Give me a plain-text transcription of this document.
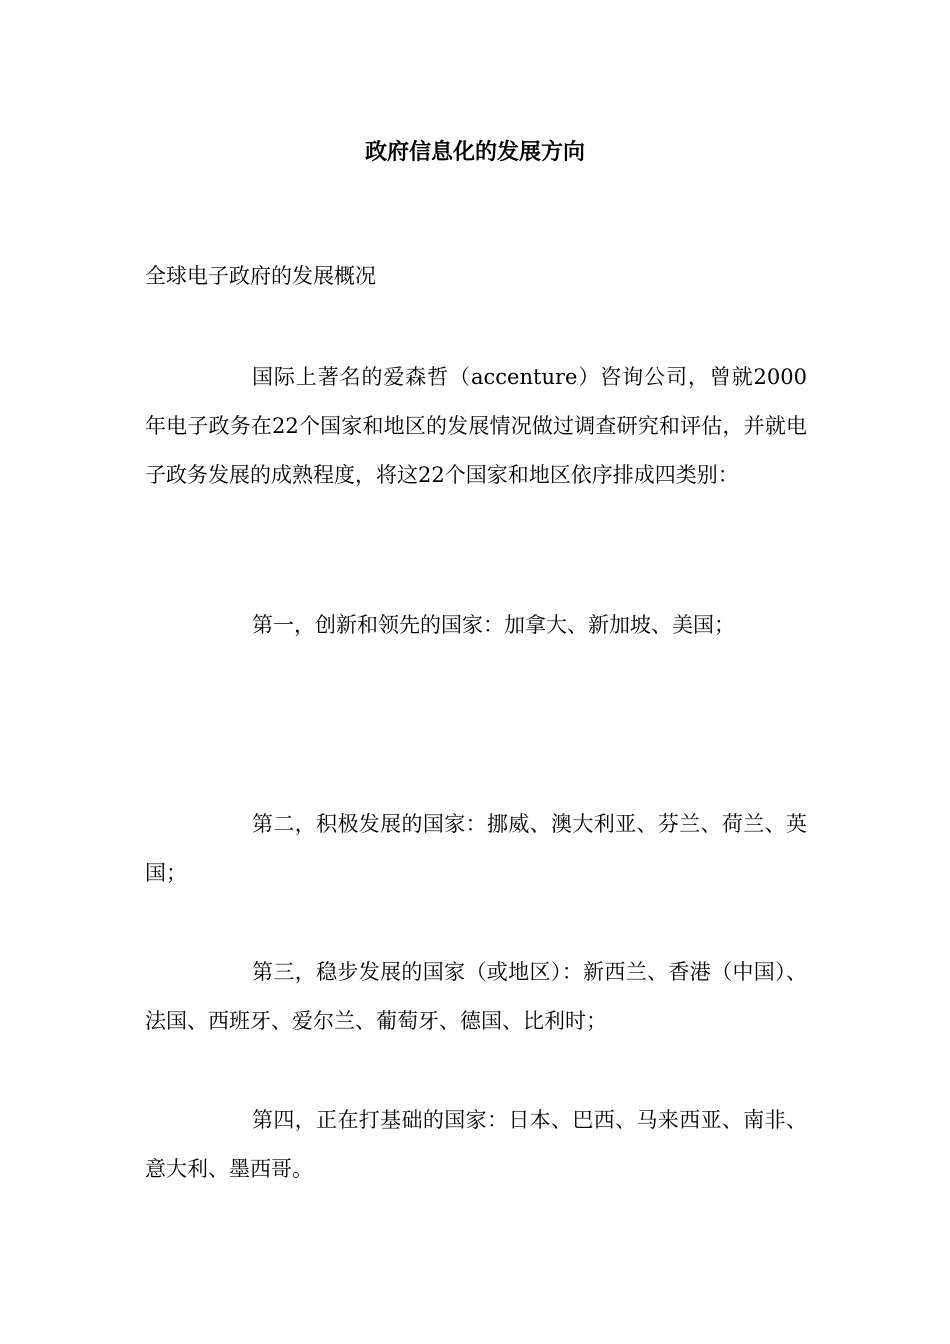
政府信息化的发展方向

全球电子政府的发展概况

国际上著名的爱森哲（accenture）咨询公司，曾就2000年电子政务在22个国家和地区的发展情况做过调查研究和评估，并就电子政务发展的成熟程度，将这22个国家和地区依序排成四类别：

第一，创新和领先的国家：加拿大、新加坡、美国；

第二，积极发展的国家：挪威、澳大利亚、芬兰、荷兰、英国；

第三，稳步发展的国家（或地区）：新西兰、香港（中国）、法国、西班牙、爱尔兰、葡萄牙、德国、比利时；

第四，正在打基础的国家：日本、巴西、马来西亚、南非、意大利、墨西哥。
